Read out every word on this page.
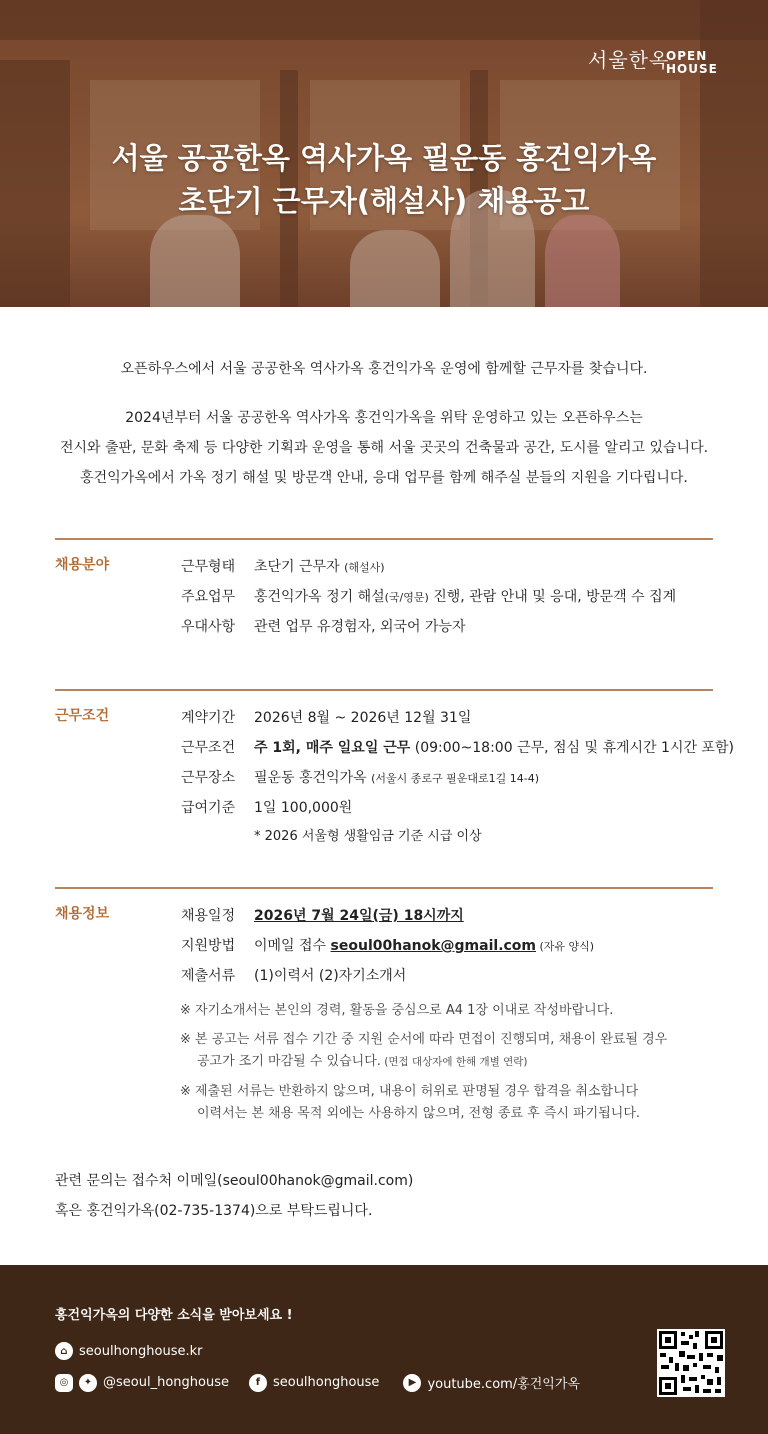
서울한옥
OPEN
HOUSE
서울 공공한옥 역사가옥 필운동 홍건익가옥
초단기 근무자(해설사) 채용공고

오픈하우스에서 서울 공공한옥 역사가옥 홍건익가옥 운영에 함께할 근무자를 찾습니다.

2024년부터 서울 공공한옥 역사가옥 홍건익가옥을 위탁 운영하고 있는 오픈하우스는

전시와 출판, 문화 축제 등 다양한 기획과 운영을 통해 서울 곳곳의 건축물과 공간, 도시를 알리고 있습니다.

홍건익가옥에서 가옥 정기 해설 및 방문객 안내, 응대 업무를 함께 해주실 분들의 지원을 기다립니다.

채용분야	근무형태 초단기 근무자 (해설사)
주요업무 홍건익가옥 정기 해설(국/영문) 진행, 관람 안내 및 응대, 방문객 수 집계
우대사항 관련 업무 유경험자, 외국어 가능자
근무조건	계약기간 2026년 8월 ~ 2026년 12월 31일
근무조건 주 1회, 매주 일요일 근무 (09:00~18:00 근무, 점심 및 휴게시간 1시간 포함)
근무장소 필운동 홍건익가옥 (서울시 종로구 필운대로1길 14-4)
급여기준 1일 100,000원
* 2026 서울형 생활임금 기준 시급 이상
채용정보	채용일정 2026년 7월 24일(금) 18시까지
지원방법 이메일 접수 seoul00hanok@gmail.com (자유 양식)
제출서류 (1)이력서 (2)자기소개서
※ 자기소개서는 본인의 경력, 활동을 중심으로 A4 1장 이내로 작성바랍니다.
※ 본 공고는 서류 접수 기간 중 지원 순서에 따라 면접이 진행되며, 채용이 완료될 경우
공고가 조기 마감될 수 있습니다. (면접 대상자에 한해 개별 연락)
※ 제출된 서류는 반환하지 않으며, 내용이 허위로 판명될 경우 합격을 취소합니다
이력서는 본 채용 목적 외에는 사용하지 않으며, 전형 종료 후 즉시 파기됩니다.
관련 문의는 접수처 이메일(seoul00hanok@gmail.com)
혹은 홍건익가옥(02-735-1374)으로 부탁드립니다.
홍건익가옥의 다양한 소식을 받아보세요 !
⌂ seoulhonghouse.kr
◎	✦ @seoul_honghouse	f seoulhonghouse	▶ youtube.com/홍건익가옥
